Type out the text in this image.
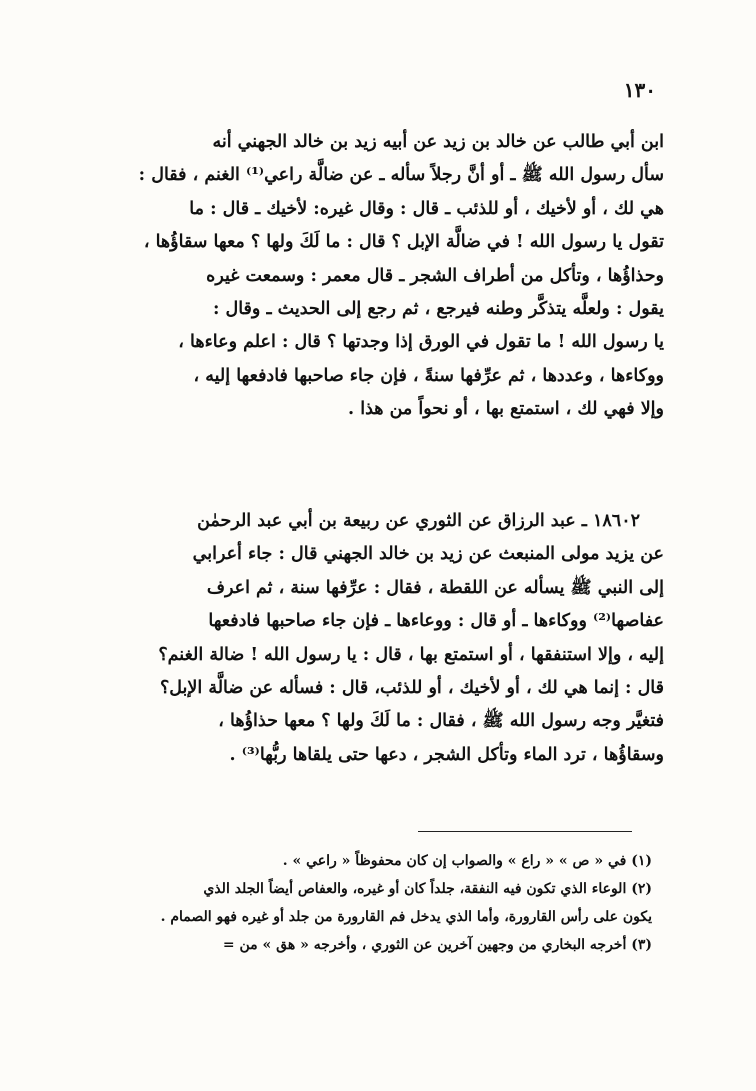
١٣٠

ابن أبي طالب عن خالد بن زيد عن أبيه زيد بن خالد الجهني أنه

سأل رسول الله ﷺ ـ أو أنَّ رجلاً سأله ـ عن ضالَّة راعي⁽¹⁾ الغنم ، فقال :

هي لك ، أو لأخيك ، أو للذئب ـ قال : وقال غيره: لأخيك ـ قال : ما

تقول يا رسول الله ! في ضالَّة الإبل ؟ قال : ما لَكَ ولها ؟ معها سقاؤُها ،

وحذاؤُها ، وتأكل من أطراف الشجر ـ قال معمر : وسمعت غيره

يقول : ولعلَّه يتذكَّر وطنه فيرجع ، ثم رجع إلى الحديث ـ وقال :

يا رسول الله ! ما تقول في الورق إذا وجدتها ؟ قال : اعلم وعاءها ،

ووكاءها ، وعددها ، ثم عرِّفها سنةً ، فإن جاء صاحبها فادفعها إليه ،

وإلا فهي لك ، استمتع بها ، أو نحواً من هذا .

١٨٦٠٢ ـ عبد الرزاق عن الثوري عن ربيعة بن أبي عبد الرحمٰن

عن يزيد مولى المنبعث عن زيد بن خالد الجهني قال : جاء أعرابي

إلى النبي ﷺ يسأله عن اللقطة ، فقال : عرِّفها سنة ، ثم اعرف

عفاصها⁽²⁾ ووكاءها ـ أو قال : ووعاءها ـ فإن جاء صاحبها فادفعها

إليه ، وإلا استنفقها ، أو استمتع بها ، قال : يا رسول الله ! ضالة الغنم؟

قال : إنما هي لك ، أو لأخيك ، أو للذئب، قال : فسأله عن ضالَّة الإبل؟

فتغيَّر وجه رسول الله ﷺ ، فقال : ما لَكَ ولها ؟ معها حذاؤُها ،

وسقاؤُها ، ترد الماء وتأكل الشجر ، دعها حتى يلقاها ربُّها⁽³⁾ .

(١) في « ص » « راع » والصواب إن كان محفوظاً « راعي » .

(٢) الوعاء الذي تكون فيه النفقة، جلداً كان أو غيره، والعفاص أيضاً الجلد الذي

يكون على رأس القارورة، وأما الذي يدخل فم القارورة من جلد أو غيره فهو الصمام .

(٣) أخرجه البخاري من وجهين آخرين عن الثوري ، وأخرجه « هق » من =
